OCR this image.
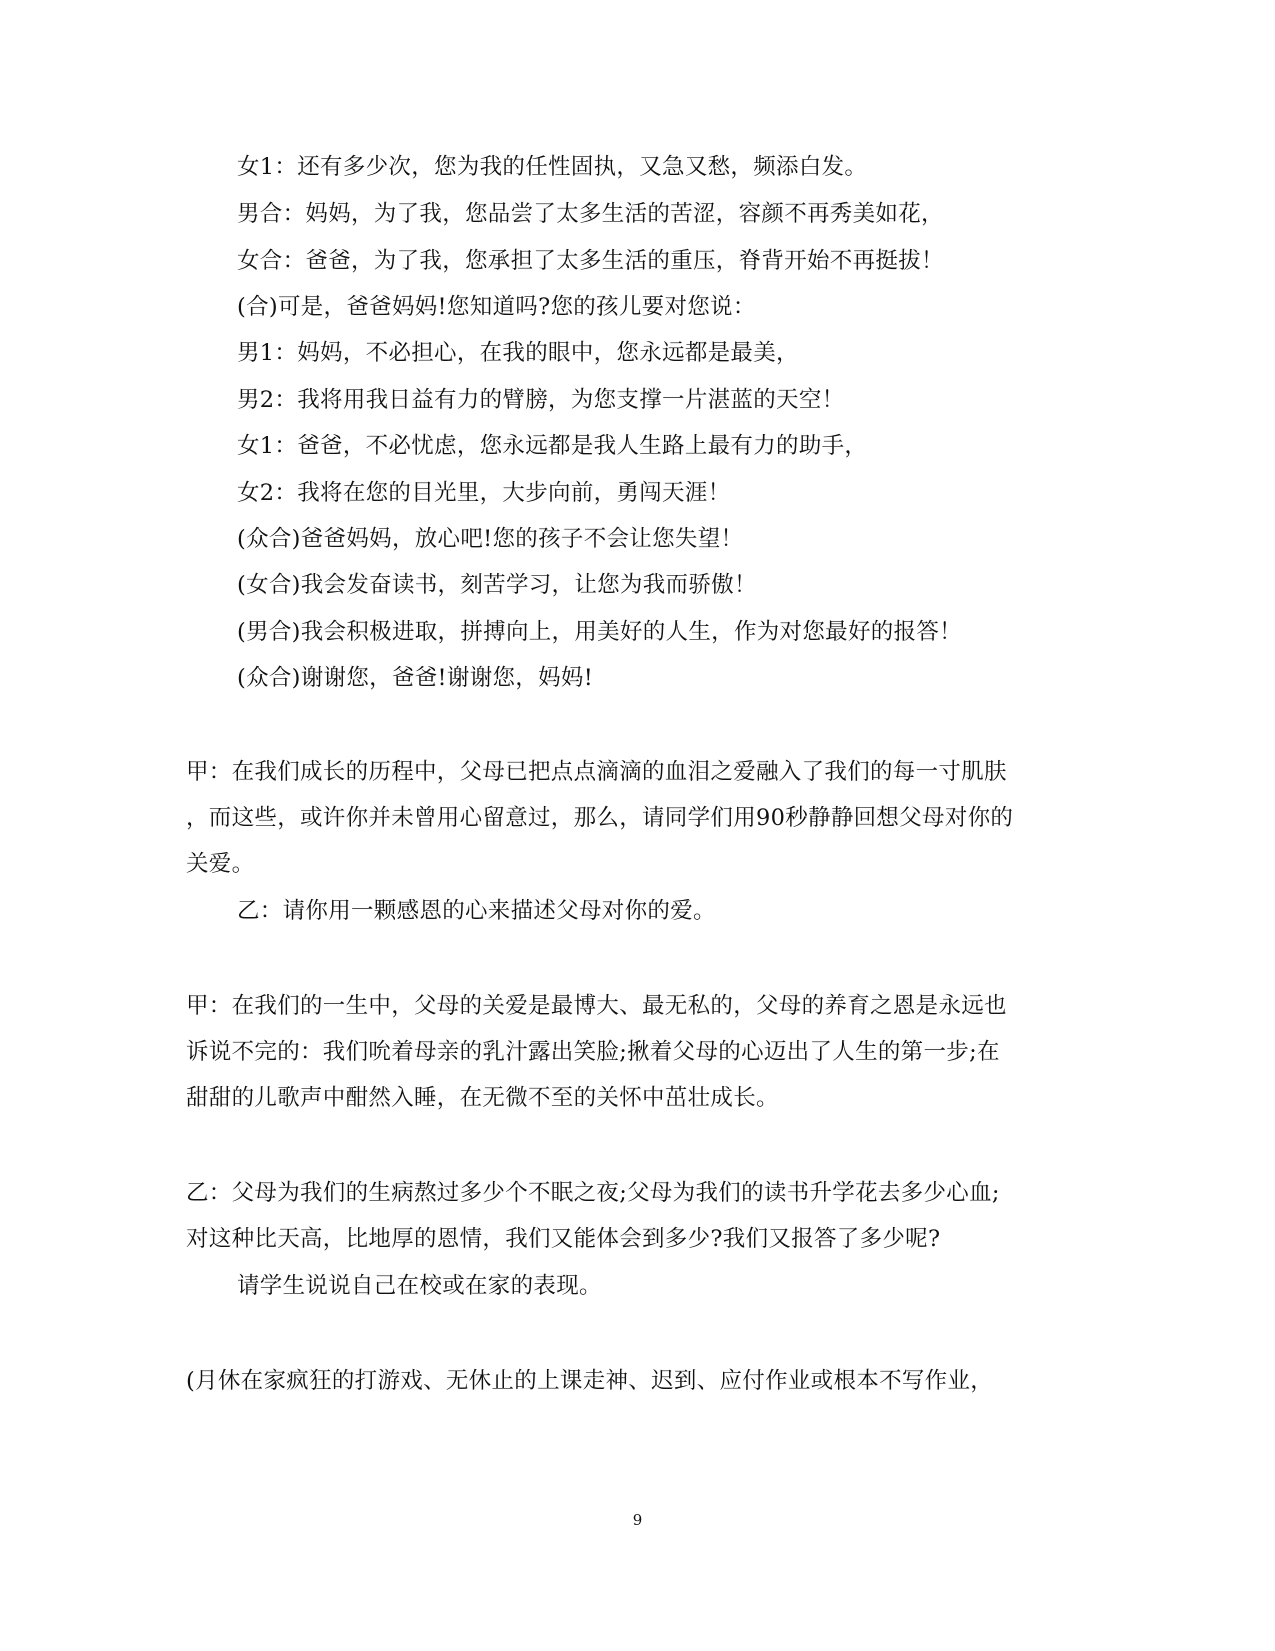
女1：还有多少次，您为我的任性固执，又急又愁，频添白发。
男合：妈妈，为了我，您品尝了太多生活的苦涩，容颜不再秀美如花，
女合：爸爸，为了我，您承担了太多生活的重压，脊背开始不再挺拔！
(合)可是，爸爸妈妈!您知道吗?您的孩儿要对您说：
男1：妈妈，不必担心，在我的眼中，您永远都是最美，
男2：我将用我日益有力的臂膀，为您支撑一片湛蓝的天空！
女1：爸爸，不必忧虑，您永远都是我人生路上最有力的助手，
女2：我将在您的目光里，大步向前，勇闯天涯！
(众合)爸爸妈妈，放心吧!您的孩子不会让您失望！
(女合)我会发奋读书，刻苦学习，让您为我而骄傲！
(男合)我会积极进取，拼搏向上，用美好的人生，作为对您最好的报答！
(众合)谢谢您，爸爸!谢谢您，妈妈!
甲：在我们成长的历程中，父母已把点点滴滴的血泪之爱融入了我们的每一寸肌肤
，而这些，或许你并未曾用心留意过，那么，请同学们用90秒静静回想父母对你的
关爱。
乙：请你用一颗感恩的心来描述父母对你的爱。
甲：在我们的一生中，父母的关爱是最博大、最无私的，父母的养育之恩是永远也
诉说不完的：我们吮着母亲的乳汁露出笑脸;揪着父母的心迈出了人生的第一步;在
甜甜的儿歌声中酣然入睡，在无微不至的关怀中茁壮成长。
乙：父母为我们的生病熬过多少个不眠之夜;父母为我们的读书升学花去多少心血;
对这种比天高，比地厚的恩情，我们又能体会到多少?我们又报答了多少呢?
请学生说说自己在校或在家的表现。
(月休在家疯狂的打游戏、无休止的上课走神、迟到、应付作业或根本不写作业，
9
